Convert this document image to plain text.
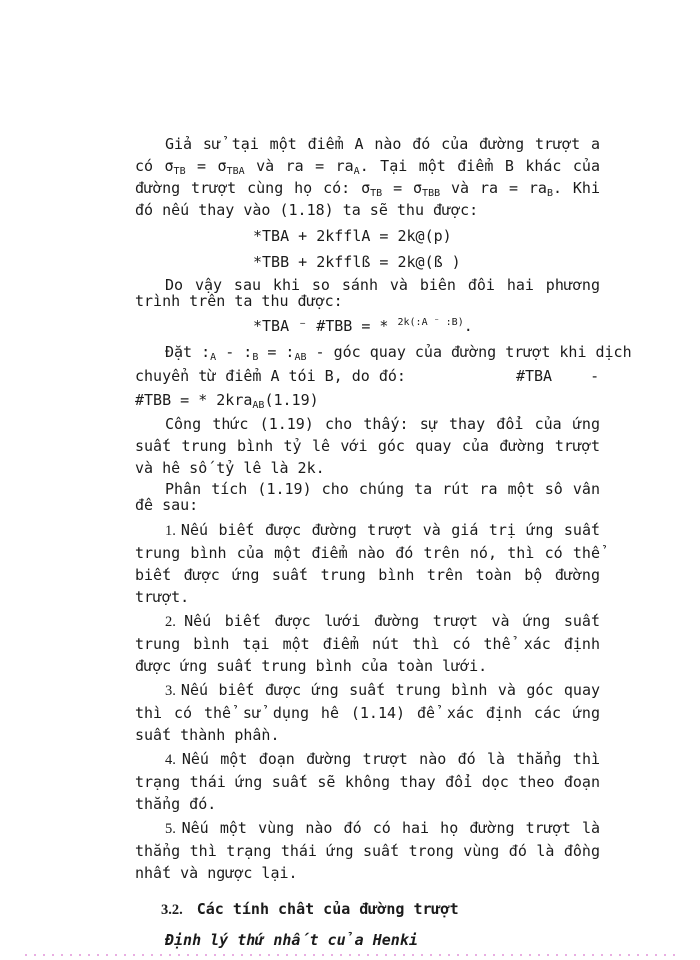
Giả sử tại một điểm A nào đó của đường trượt a có $\sigma_{TB} = \sigma_{TBA}$ và ra = $ra_A$. Tại một điểm B khác của đường trượt cùng họ có: $\sigma_{TB} = \sigma_{TBB}$ và ra = $ra_B$. Khi đó nếu thay vào (1.18) ta sẽ thu được:

*TBA + 2kfflA = 2k@(p)

*TBB + 2kfflß = 2k@(ß )

Do vậy sau khi so sánh và biên đôi hai phương trình trên ta thu được:

*TBA ⁻ #TBB = * $^{2k(:A ^- :B)}$.

Đặt $:_A$ - $:_B$ = $:_{AB}$ - góc quay của đường trượt khi dịch

chuyển từ điểm A tói B, do đó:	#TBA	-

#TBB = * 2kra$_{AB}$(1.19)

Công thức (1.19) cho thấy: sự thay đổi của ứng suất trung bình tỷ lê với góc quay của đường trượt và hê số tỷ lê là 2k.

Phân tích (1.19) cho chúng ta rút ra một sô vân đê sau:

1. Nếu biết được đường trượt và giá trị ứng suất trung bình của một điểm nào đó trên nó, thì có thể biết được ứng suất trung bình trên toàn bộ đường trượt.

2. Nếu biết được lưới đường trượt và ứng suất trung bình tại một điểm nút thì có thể xác định được ứng suất trung bình của toàn lưới.

3. Nếu biết được ứng suất trung bình và góc quay thì có thể sử dụng hê (1.14) để xác định các ứng suất thành phần.

4. Nếu một đoạn đường trượt nào đó là thẳng thì trạng thái ứng suất sẽ không thay đổi dọc theo đoạn thẳng đó.

5. Nếu một vùng nào đó có hai họ đường trượt là thẳng thì trạng thái ứng suất trong vùng đó là đồng nhất và ngược lại.

3.2. Các tính chât của đường trượt

Định lý thứ nhất của Henki
